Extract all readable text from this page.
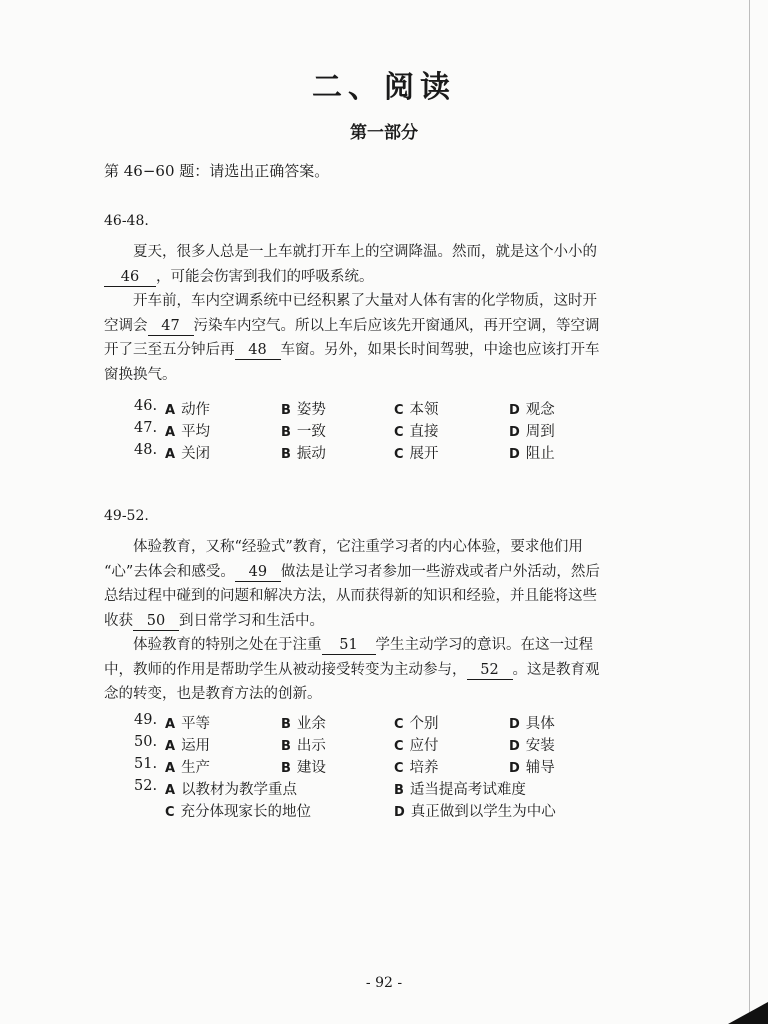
二、阅读
第一部分
第 46−60 题：请选出正确答案。
46-48.
夏天，很多人总是一上车就打开车上的空调降温。然而，就是这个小小的
46 ，可能会伤害到我们的呼吸系统。
开车前，车内空调系统中已经积累了大量对人体有害的化学物质，这时开
空调会 47 污染车内空气。所以上车后应该先开窗通风，再开空调，等空调
开了三至五分钟后再 48 车窗。另外，如果长时间驾驶，中途也应该打开车
窗换换气。
46. A 动作	B 姿势	C 本领	D 观念
47. A 平均	B 一致	C 直接	D 周到
48. A 关闭	B 振动	C 展开	D 阻止
49-52.
体验教育，又称“经验式”教育，它注重学习者的内心体验，要求他们用
“心”去体会和感受。 49 做法是让学习者参加一些游戏或者户外活动，然后
总结过程中碰到的问题和解决方法，从而获得新的知识和经验，并且能将这些
收获 50 到日常学习和生活中。
体验教育的特别之处在于注重 51 学生主动学习的意识。在这一过程
中，教师的作用是帮助学生从被动接受转变为主动参与， 52 。这是教育观
念的转变，也是教育方法的创新。
49. A 平等	B 业余	C 个别	D 具体
50. A 运用	B 出示	C 应付	D 安装
51. A 生产	B 建设	C 培养	D 辅导
52. A 以教材为教学重点	B 适当提高考试难度
C 充分体现家长的地位	D 真正做到以学生为中心
- 92 -
